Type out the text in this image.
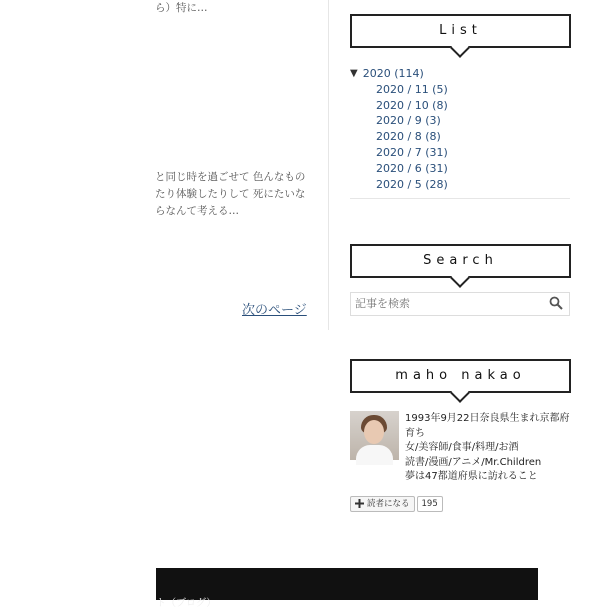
ら）特に…
と同じ時を過ごせて 色んなもの
たり体験したりして 死にたいな
らなんて考える…
次のページ
List
▼ 2020 (114)
2020 / 11 (5)
2020 / 10 (8)
2020 / 9 (3)
2020 / 8 (8)
2020 / 7 (31)
2020 / 6 (31)
2020 / 5 (28)
Search
記事を検索
maho nakao
1993年9月22日奈良県生まれ京都府
育ち
女/美容師/食事/料理/お酒
読書/漫画/アニメ/Mr.Children
夢は47都道府県に訪れること
読者になる	195
ト（ブログ）
